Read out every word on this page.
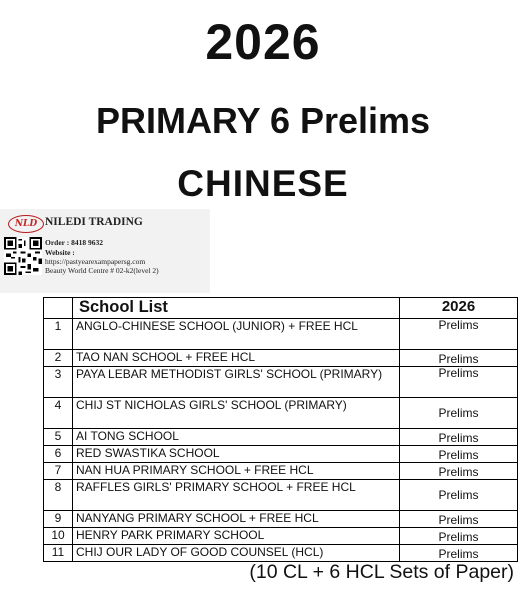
2026
PRIMARY 6 Prelims
CHINESE
NLD NILEDI TRADING
Order : 8418 9632
Website :
https://pastyearexampapersg.com
Beauty World Centre # 02-k2(level 2)
	School List	2026
1	ANGLO-CHINESE SCHOOL (JUNIOR) + FREE HCL	Prelims
2	TAO NAN SCHOOL + FREE HCL	Prelims
3	PAYA LEBAR METHODIST GIRLS' SCHOOL (PRIMARY)	Prelims
4	CHIJ ST NICHOLAS GIRLS' SCHOOL (PRIMARY)	Prelims
5	AI TONG SCHOOL	Prelims
6	RED SWASTIKA SCHOOL	Prelims
7	NAN HUA PRIMARY SCHOOL + FREE HCL	Prelims
8	RAFFLES GIRLS' PRIMARY SCHOOL + FREE HCL	Prelims
9	NANYANG PRIMARY SCHOOL + FREE HCL	Prelims
10	HENRY PARK PRIMARY SCHOOL	Prelims
11	CHIJ OUR LADY OF GOOD COUNSEL (HCL)	Prelims
(10 CL + 6 HCL Sets of Paper)
